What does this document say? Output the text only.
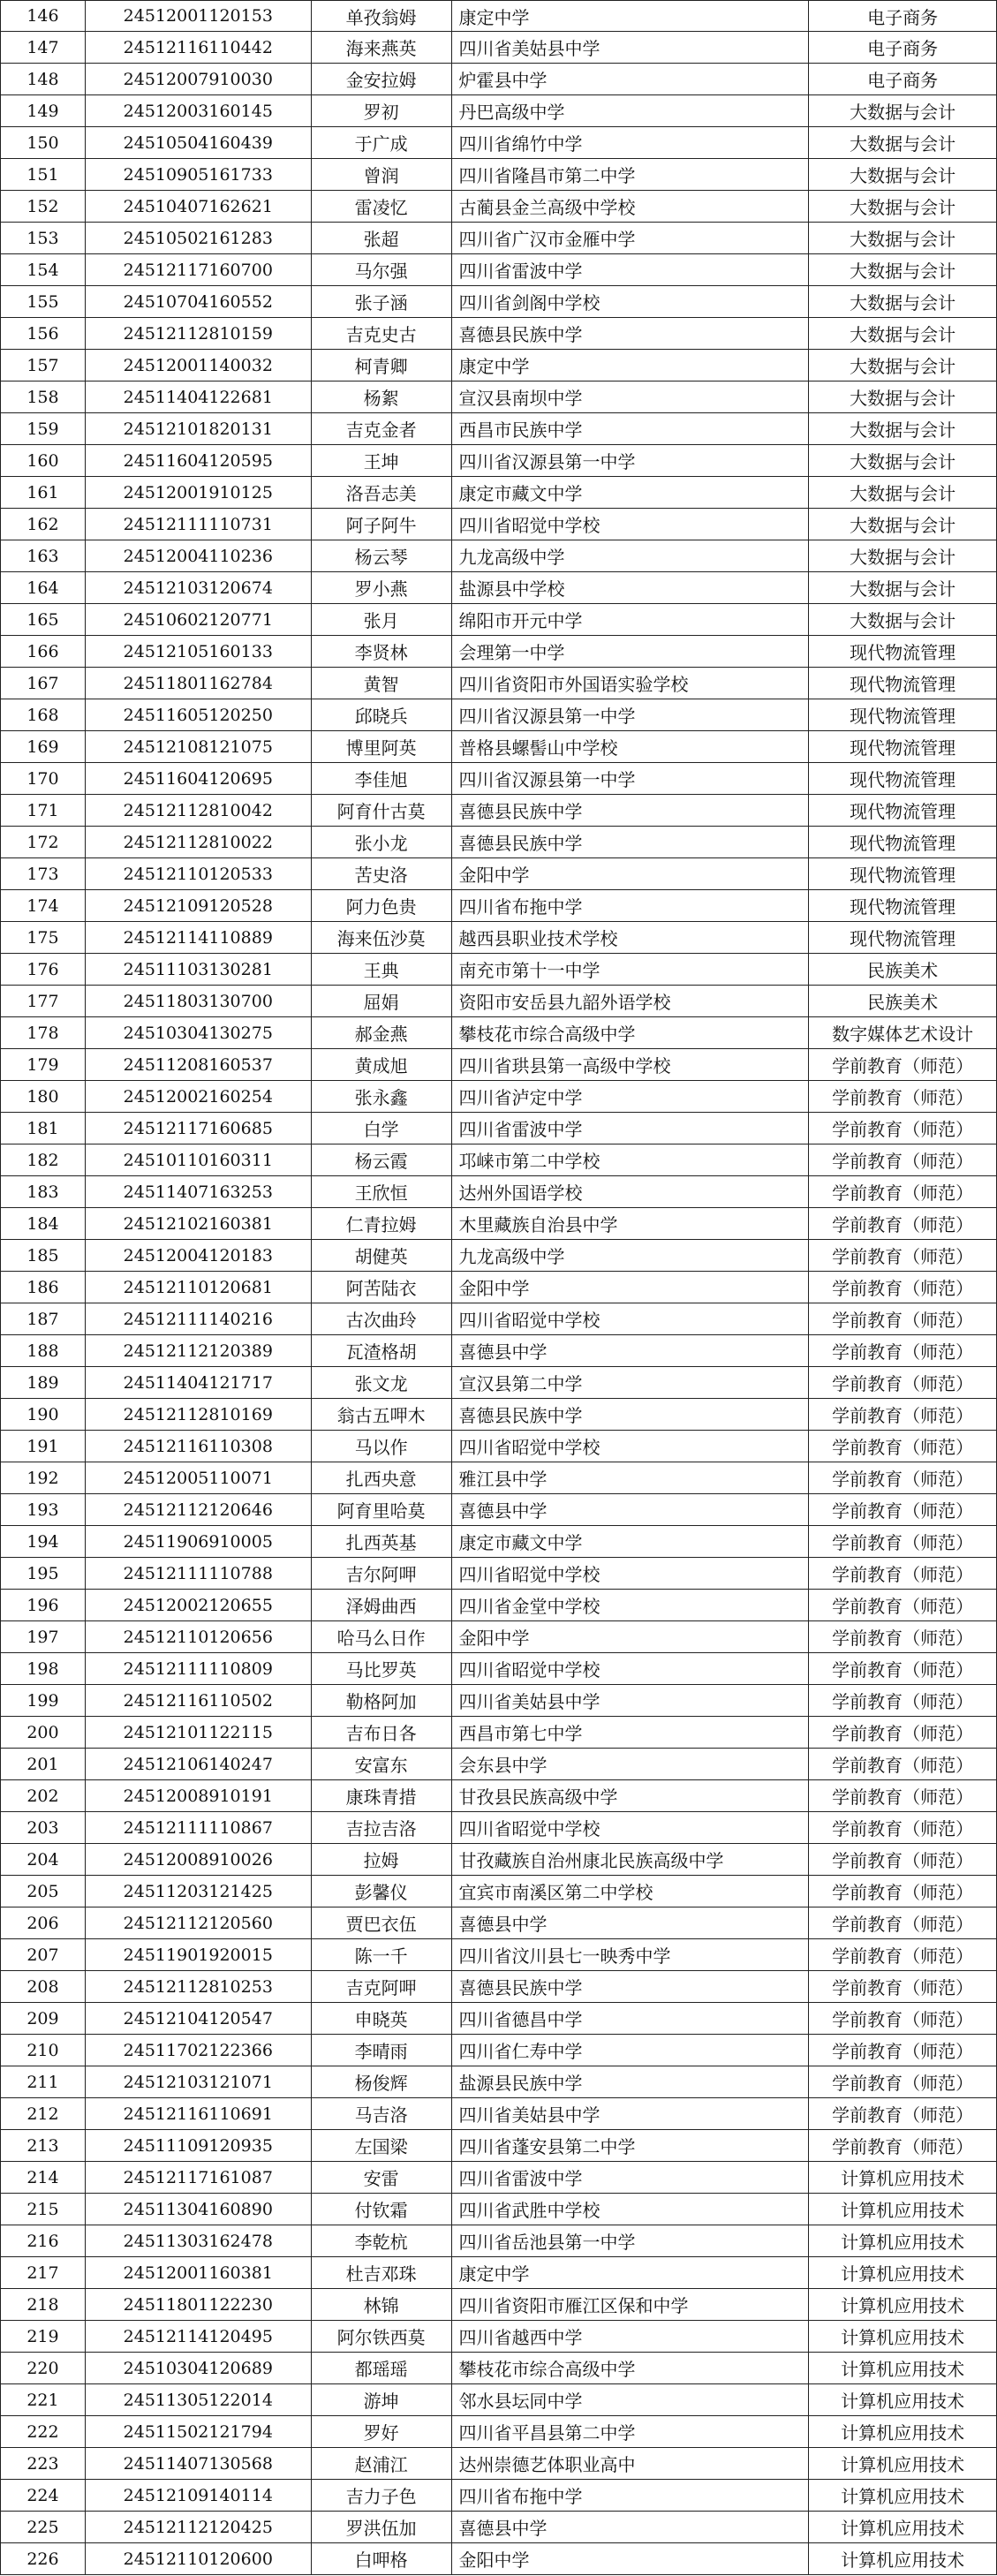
146	24512001120153	单孜翁姆	康定中学	电子商务
147	24512116110442	海来燕英	四川省美姑县中学	电子商务
148	24512007910030	金安拉姆	炉霍县中学	电子商务
149	24512003160145	罗初	丹巴高级中学	大数据与会计
150	24510504160439	于广成	四川省绵竹中学	大数据与会计
151	24510905161733	曾润	四川省隆昌市第二中学	大数据与会计
152	24510407162621	雷凌忆	古蔺县金兰高级中学校	大数据与会计
153	24510502161283	张超	四川省广汉市金雁中学	大数据与会计
154	24512117160700	马尔强	四川省雷波中学	大数据与会计
155	24510704160552	张子涵	四川省剑阁中学校	大数据与会计
156	24512112810159	吉克史古	喜德县民族中学	大数据与会计
157	24512001140032	柯青卿	康定中学	大数据与会计
158	24511404122681	杨絮	宣汉县南坝中学	大数据与会计
159	24512101820131	吉克金者	西昌市民族中学	大数据与会计
160	24511604120595	王坤	四川省汉源县第一中学	大数据与会计
161	24512001910125	洛吾志美	康定市藏文中学	大数据与会计
162	24512111110731	阿子阿牛	四川省昭觉中学校	大数据与会计
163	24512004110236	杨云琴	九龙高级中学	大数据与会计
164	24512103120674	罗小燕	盐源县中学校	大数据与会计
165	24510602120771	张月	绵阳市开元中学	大数据与会计
166	24512105160133	李贤林	会理第一中学	现代物流管理
167	24511801162784	黄智	四川省资阳市外国语实验学校	现代物流管理
168	24511605120250	邱晓兵	四川省汉源县第一中学	现代物流管理
169	24512108121075	博里阿英	普格县螺髻山中学校	现代物流管理
170	24511604120695	李佳旭	四川省汉源县第一中学	现代物流管理
171	24512112810042	阿育什古莫	喜德县民族中学	现代物流管理
172	24512112810022	张小龙	喜德县民族中学	现代物流管理
173	24512110120533	苦史洛	金阳中学	现代物流管理
174	24512109120528	阿力色贵	四川省布拖中学	现代物流管理
175	24512114110889	海来伍沙莫	越西县职业技术学校	现代物流管理
176	24511103130281	王典	南充市第十一中学	民族美术
177	24511803130700	屈娟	资阳市安岳县九韶外语学校	民族美术
178	24510304130275	郝金燕	攀枝花市综合高级中学	数字媒体艺术设计
179	24511208160537	黄成旭	四川省珙县第一高级中学校	学前教育（师范）
180	24512002160254	张永鑫	四川省泸定中学	学前教育（师范）
181	24512117160685	白学	四川省雷波中学	学前教育（师范）
182	24510110160311	杨云霞	邛崃市第二中学校	学前教育（师范）
183	24511407163253	王欣恒	达州外国语学校	学前教育（师范）
184	24512102160381	仁青拉姆	木里藏族自治县中学	学前教育（师范）
185	24512004120183	胡健英	九龙高级中学	学前教育（师范）
186	24512110120681	阿苦陆衣	金阳中学	学前教育（师范）
187	24512111140216	古次曲玲	四川省昭觉中学校	学前教育（师范）
188	24512112120389	瓦渣格胡	喜德县中学	学前教育（师范）
189	24511404121717	张文龙	宣汉县第二中学	学前教育（师范）
190	24512112810169	翁古五呷木	喜德县民族中学	学前教育（师范）
191	24512116110308	马以作	四川省昭觉中学校	学前教育（师范）
192	24512005110071	扎西央意	雅江县中学	学前教育（师范）
193	24512112120646	阿育里哈莫	喜德县中学	学前教育（师范）
194	24511906910005	扎西英基	康定市藏文中学	学前教育（师范）
195	24512111110788	吉尔阿呷	四川省昭觉中学校	学前教育（师范）
196	24512002120655	泽姆曲西	四川省金堂中学校	学前教育（师范）
197	24512110120656	哈马么日作	金阳中学	学前教育（师范）
198	24512111110809	马比罗英	四川省昭觉中学校	学前教育（师范）
199	24512116110502	勒格阿加	四川省美姑县中学	学前教育（师范）
200	24512101122115	吉布日各	西昌市第七中学	学前教育（师范）
201	24512106140247	安富东	会东县中学	学前教育（师范）
202	24512008910191	康珠青措	甘孜县民族高级中学	学前教育（师范）
203	24512111110867	吉拉吉洛	四川省昭觉中学校	学前教育（师范）
204	24512008910026	拉姆	甘孜藏族自治州康北民族高级中学	学前教育（师范）
205	24511203121425	彭馨仪	宜宾市南溪区第二中学校	学前教育（师范）
206	24512112120560	贾巴衣伍	喜德县中学	学前教育（师范）
207	24511901920015	陈一千	四川省汶川县七一映秀中学	学前教育（师范）
208	24512112810253	吉克阿呷	喜德县民族中学	学前教育（师范）
209	24512104120547	申晓英	四川省德昌中学	学前教育（师范）
210	24511702122366	李晴雨	四川省仁寿中学	学前教育（师范）
211	24512103121071	杨俊辉	盐源县民族中学	学前教育（师范）
212	24512116110691	马吉洛	四川省美姑县中学	学前教育（师范）
213	24511109120935	左国梁	四川省蓬安县第二中学	学前教育（师范）
214	24512117161087	安雷	四川省雷波中学	计算机应用技术
215	24511304160890	付钦霜	四川省武胜中学校	计算机应用技术
216	24511303162478	李乾杭	四川省岳池县第一中学	计算机应用技术
217	24512001160381	杜吉邓珠	康定中学	计算机应用技术
218	24511801122230	林锦	四川省资阳市雁江区保和中学	计算机应用技术
219	24512114120495	阿尔铁西莫	四川省越西中学	计算机应用技术
220	24510304120689	都瑶瑶	攀枝花市综合高级中学	计算机应用技术
221	24511305122014	游坤	邻水县坛同中学	计算机应用技术
222	24511502121794	罗好	四川省平昌县第二中学	计算机应用技术
223	24511407130568	赵浦江	达州崇德艺体职业高中	计算机应用技术
224	24512109140114	吉力子色	四川省布拖中学	计算机应用技术
225	24512112120425	罗洪伍加	喜德县中学	计算机应用技术
226	24512110120600	白呷格	金阳中学	计算机应用技术
